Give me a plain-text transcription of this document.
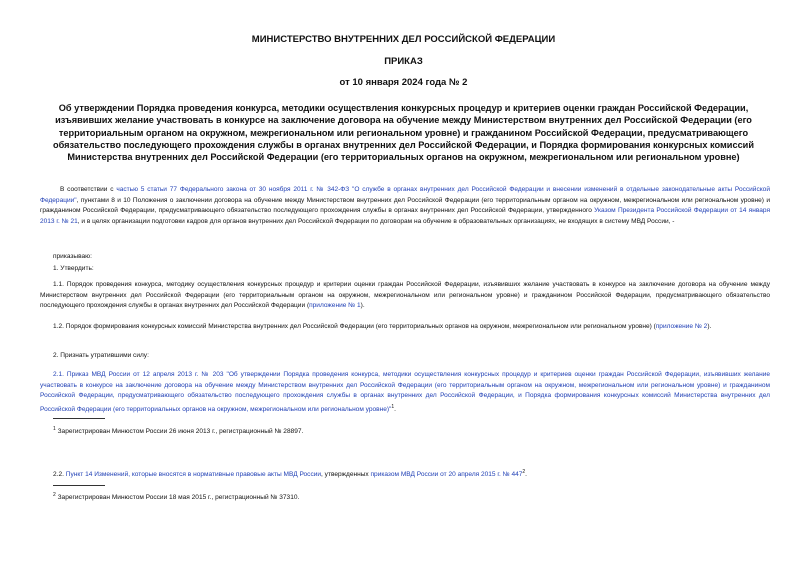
МИНИСТЕРСТВО ВНУТРЕННИХ ДЕЛ РОССИЙСКОЙ ФЕДЕРАЦИИ
ПРИКАЗ
от 10 января 2024 года № 2
Об утверждении Порядка проведения конкурса, методики осуществления конкурсных процедур и критериев оценки граждан Российской Федерации, изъявивших желание участвовать в конкурсе на заключение договора на обучение между Министерством внутренних дел Российской Федерации (его территориальным органом на окружном, межрегиональном или региональном уровне) и гражданином Российской Федерации, предусматривающего обязательство последующего прохождения службы в органах внутренних дел Российской Федерации, и Порядка формирования конкурсных комиссий Министерства внутренних дел Российской Федерации (его территориальных органов на окружном, межрегиональном или региональном уровне)
В соответствии с частью 5 статьи 77 Федерального закона от 30 ноября 2011 г. № 342-ФЗ "О службе в органах внутренних дел Российской Федерации и внесении изменений в отдельные законодательные акты Российской Федерации", пунктами 8 и 10 Положения о заключении договора на обучение между Министерством внутренних дел Российской Федерации (его территориальным органом на окружном, межрегиональном или региональном уровне) и гражданином Российской Федерации, предусматривающего обязательство последующего прохождения службы в органах внутренних дел Российской Федерации, утвержденного Указом Президента Российской Федерации от 14 января 2013 г. № 21, и в целях организации подготовки кадров для органов внутренних дел Российской Федерации по договорам на обучение в образовательных организациях, не входящих в систему МВД России, -
приказываю:
1. Утвердить:
1.1. Порядок проведения конкурса, методику осуществления конкурсных процедур и критерии оценки граждан Российской Федерации, изъявивших желание участвовать в конкурсе на заключение договора на обучение между Министерством внутренних дел Российской Федерации (его территориальным органом на окружном, межрегиональном или региональном уровне) и гражданином Российской Федерации, предусматривающего обязательство последующего прохождения службы в органах внутренних дел Российской Федерации (приложение № 1).
1.2. Порядок формирования конкурсных комиссий Министерства внутренних дел Российской Федерации (его территориальных органов на окружном, межрегиональном или региональном уровне) (приложение № 2).
2. Признать утратившими силу:
2.1. Приказ МВД России от 12 апреля 2013 г. № 203 "Об утверждении Порядка проведения конкурса, методики осуществления конкурсных процедур и критериев оценки граждан Российской Федерации, изъявивших желание участвовать в конкурсе на заключение договора на обучение между Министерством внутренних дел Российской Федерации (его территориальным органом на окружном, межрегиональном или региональном уровне) и гражданином Российской Федерации, предусматривающего обязательство последующего прохождения службы в органах внутренних дел Российской Федерации, и Порядка формирования конкурсных комиссий Министерства внутренних дел Российской Федерации (его территориальных органов на окружном, межрегиональном или региональном уровне)"$^1$.
$^1$ Зарегистрирован Минюстом России 26 июня 2013 г., регистрационный № 28897.
2.2. Пункт 14 Изменений, которые вносятся в нормативные правовые акты МВД России, утвержденных приказом МВД России от 20 апреля 2015 г. № $447^2$.
$^2$ Зарегистрирован Минюстом России 18 мая 2015 г., регистрационный № 37310.
